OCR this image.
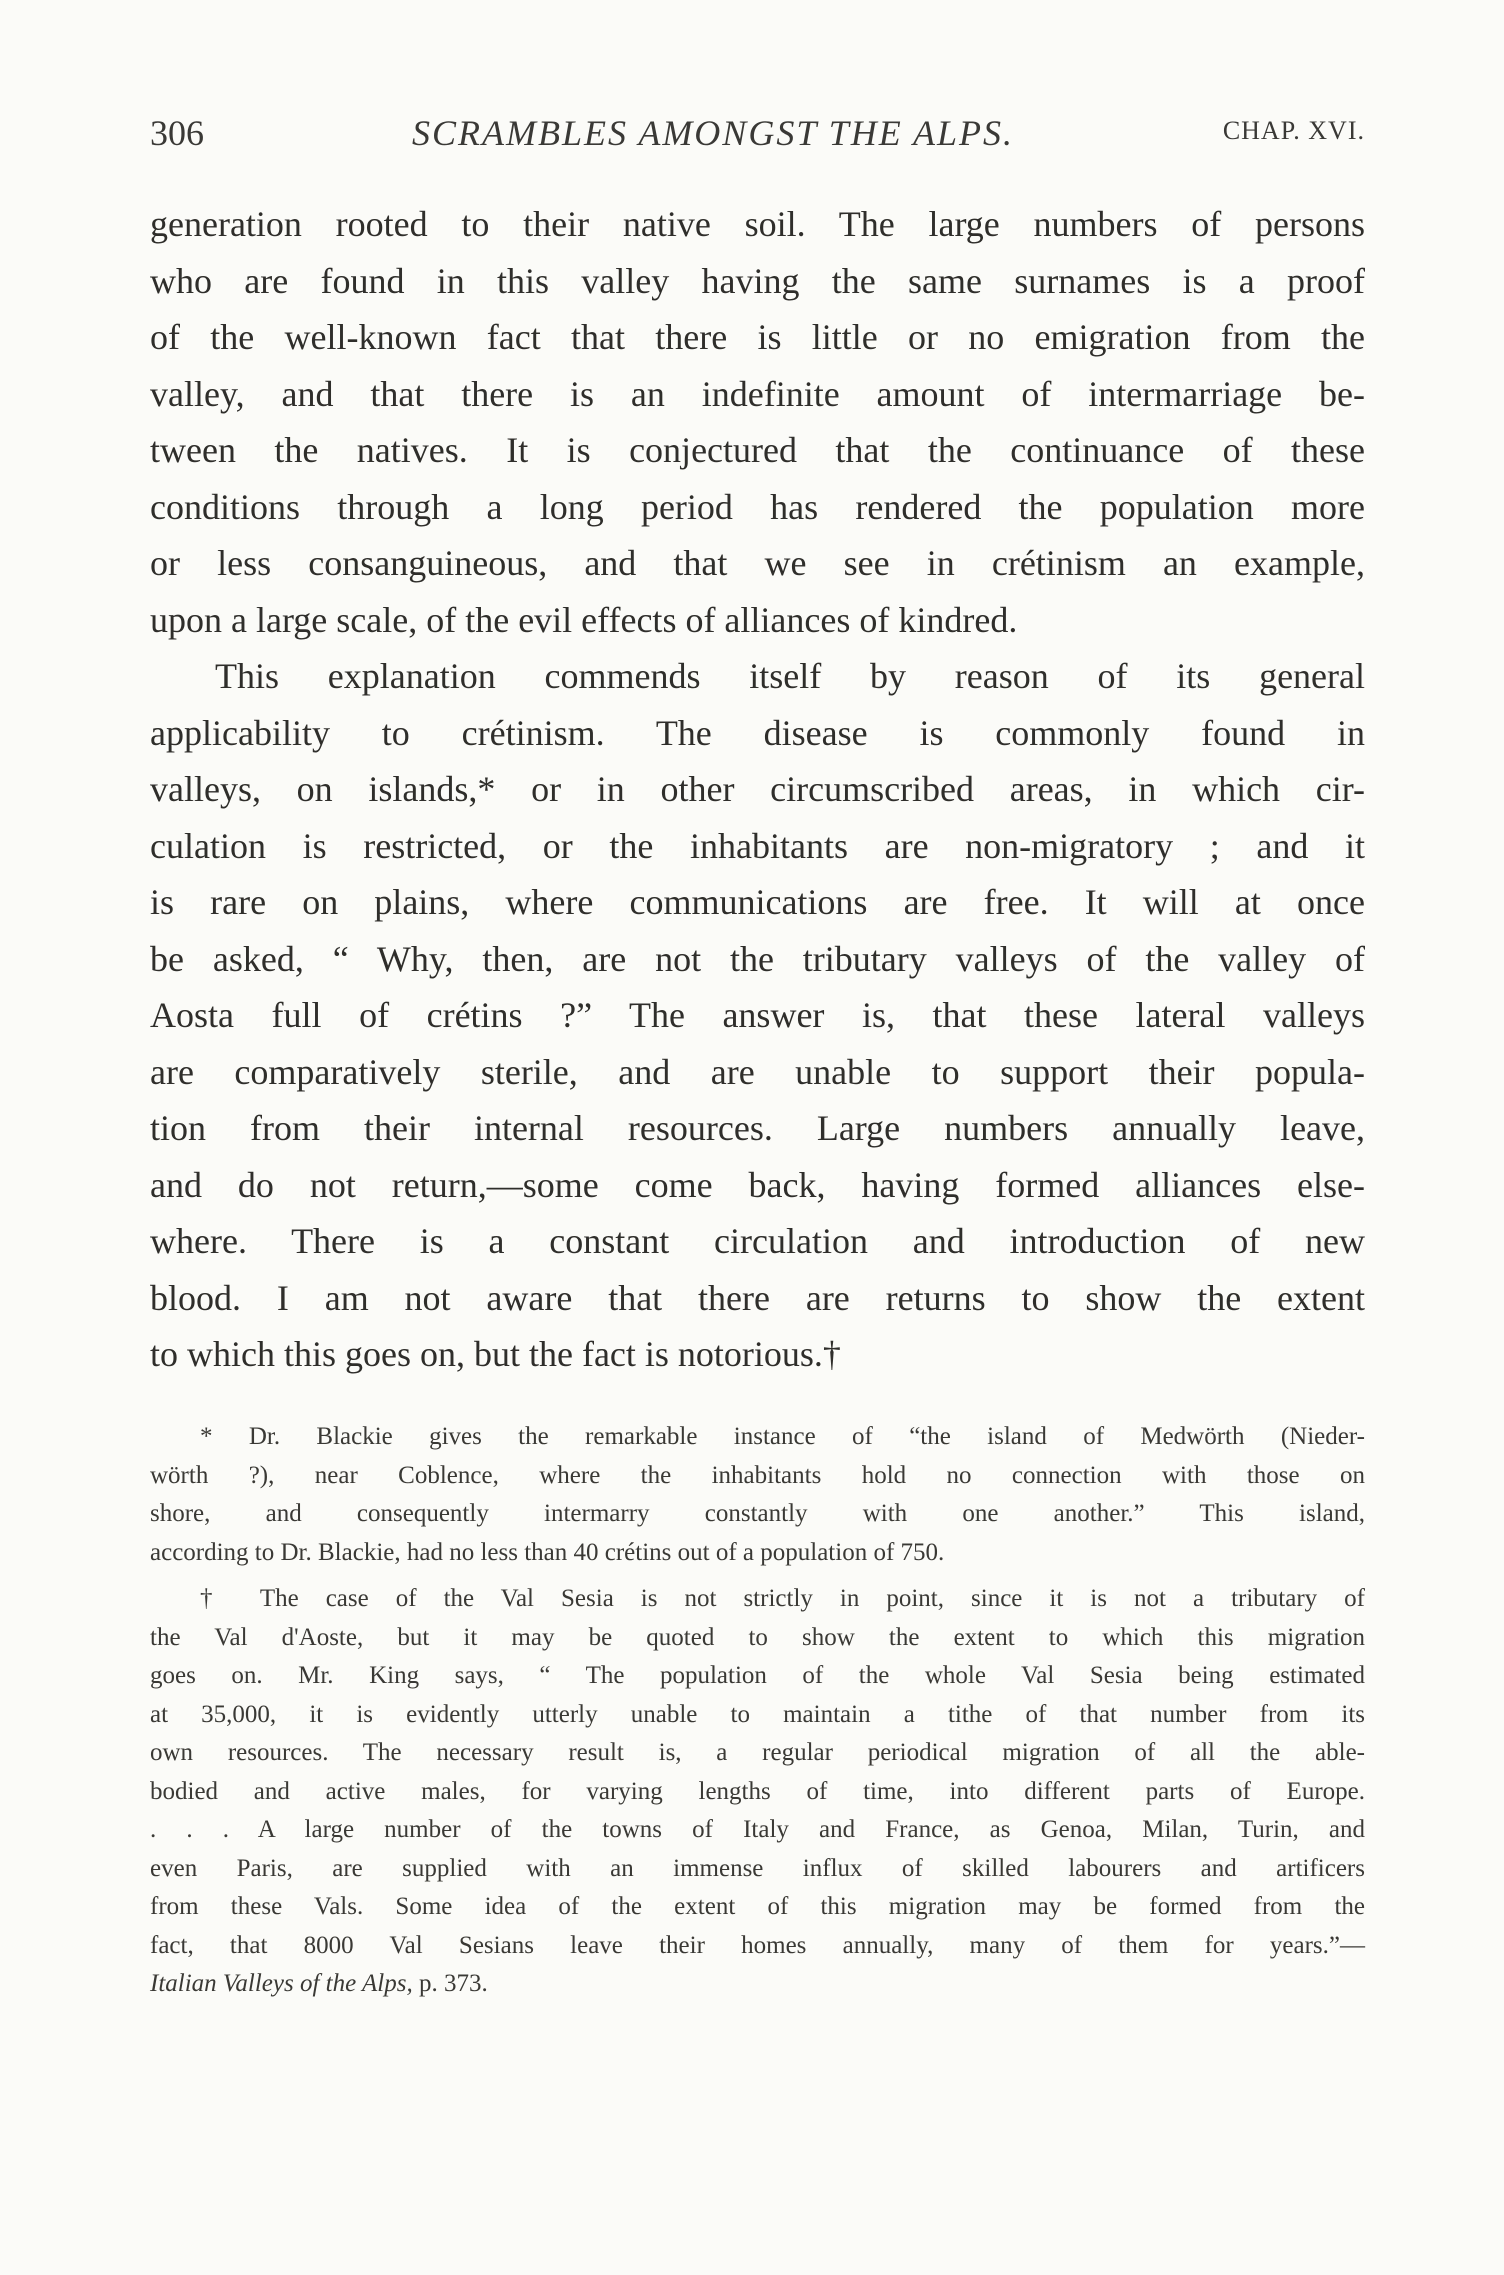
306	SCRAMBLES AMONGST THE ALPS.	CHAP. XVI.
generation rooted to their native soil. The large numbers of persons
who are found in this valley having the same surnames is a proof
of the well-known fact that there is little or no emigration from the
valley, and that there is an indefinite amount of intermarriage be-
tween the natives. It is conjectured that the continuance of these
conditions through a long period has rendered the population more
or less consanguineous, and that we see in crétinism an example,
upon a large scale, of the evil effects of alliances of kindred.
This explanation commends itself by reason of its general
applicability to crétinism. The disease is commonly found in
valleys, on islands,* or in other circumscribed areas, in which cir-
culation is restricted, or the inhabitants are non-migratory ; and it
is rare on plains, where communications are free. It will at once
be asked, “ Why, then, are not the tributary valleys of the valley of
Aosta full of crétins ?” The answer is, that these lateral valleys
are comparatively sterile, and are unable to support their popula-
tion from their internal resources. Large numbers annually leave,
and do not return,—some come back, having formed alliances else-
where. There is a constant circulation and introduction of new
blood. I am not aware that there are returns to show the extent
to which this goes on, but the fact is notorious.†
* Dr. Blackie gives the remarkable instance of “the island of Medwörth (Nieder-
wörth ?), near Coblence, where the inhabitants hold no connection with those on
shore, and consequently intermarry constantly with one another.” This island,
according to Dr. Blackie, had no less than 40 crétins out of a population of 750.
† The case of the Val Sesia is not strictly in point, since it is not a tributary of
the Val d'Aoste, but it may be quoted to show the extent to which this migration
goes on. Mr. King says, “ The population of the whole Val Sesia being estimated
at 35,000, it is evidently utterly unable to maintain a tithe of that number from its
own resources. The necessary result is, a regular periodical migration of all the able-
bodied and active males, for varying lengths of time, into different parts of Europe.
. . . A large number of the towns of Italy and France, as Genoa, Milan, Turin, and
even Paris, are supplied with an immense influx of skilled labourers and artificers
from these Vals. Some idea of the extent of this migration may be formed from the
fact, that 8000 Val Sesians leave their homes annually, many of them for years.”—
Italian Valleys of the Alps, p. 373.
